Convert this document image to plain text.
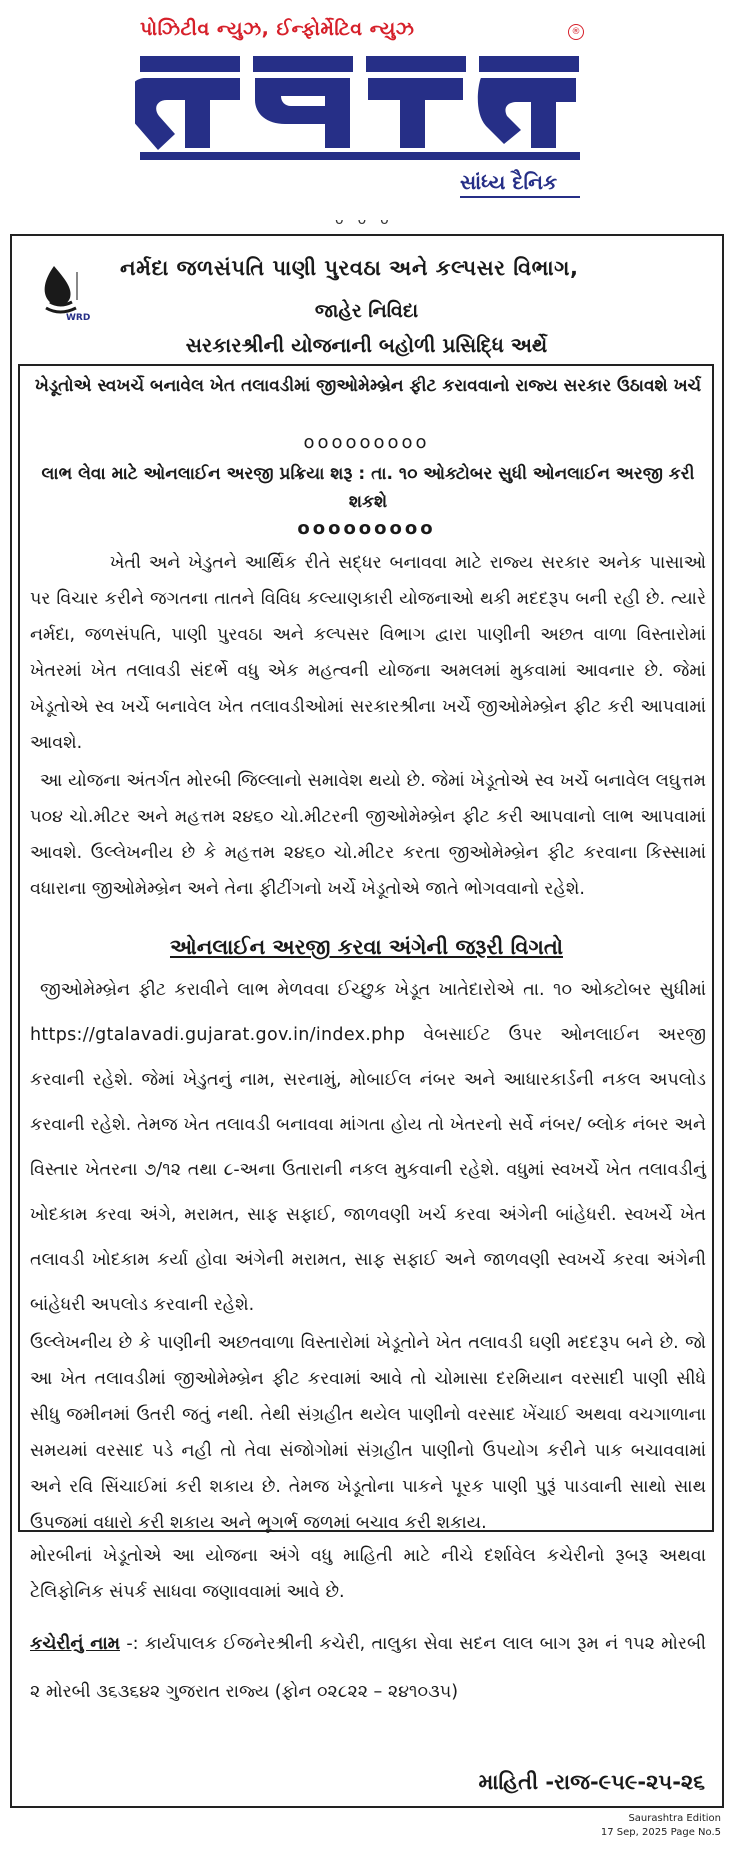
પોઝિટીવ ન્યુઝ, ઈન્ફોર્મેટિવ ન્યુઝ	®
સાંધ્ય દૈનિક
ᴗᴗᴗ
WRD
નર્મદા જળસંપતિ પાણી પુરવઠા અને કલ્પસર વિભાગ,
જાહેર નિવિદા
સરકારશ્રીની યોજનાની બહોળી પ્રસિદ્ધિ અર્થે
ખેડૂતોએ સ્વખર્ચે બનાવેલ ખેત તલાવડીમાં જીઓમેમ્બ્રેન ફીટ કરાવવાનો રાજ્ય સરકાર ઉઠાવશે ખર્ચ
ooooooooo
લાભ લેવા માટે ઓનલાઈન અરજી પ્રક્રિયા શરૂ : તા. ૧૦ ઓક્ટોબર સુધી ઓનલાઈન અરજી કરી શકશે
ooooooooo
ખેતી અને ખેડુતને આર્થિક રીતે સદ્ધર બનાવવા માટે રાજ્ય સરકાર અનેક પાસાઓ પર વિચાર કરીને જગતના તાતને વિવિધ કલ્યાણકારી યોજનાઓ થકી મદદરૂપ બની રહી છે. ત્યારે નર્મદા, જળસંપતિ, પાણી પુરવઠા અને કલ્પસર વિભાગ દ્વારા પાણીની અછત વાળા વિસ્તારોમાં ખેતરમાં ખેત તલાવડી સંદર્ભે વધુ એક મહત્વની યોજના અમલમાં મુકવામાં આવનાર છે. જેમાં ખેડૂતોએ સ્વ ખર્ચે બનાવેલ ખેત તલાવડીઓમાં સરકારશ્રીના ખર્ચે જીઓમેમ્બ્રેન ફીટ કરી આપવામાં આવશે.
આ યોજના અંતર્ગત મોરબી જિલ્લાનો સમાવેશ થયો છે. જેમાં ખેડૂતોએ સ્વ ખર્ચે બનાવેલ લઘુત્તમ ૫૦૪ ચો.મીટર અને મહત્તમ ૨૪૬૦ ચો.મીટરની જીઓમેમ્બ્રેન ફીટ કરી આપવાનો લાભ આપવામાં આવશે. ઉલ્લેખનીય છે કે મહત્તમ ૨૪૬૦ ચો.મીટર કરતા જીઓમેમ્બ્રેન ફીટ કરવાના કિસ્સામાં વધારાના જીઓમેમ્બ્રેન અને તેના ફીટીંગનો ખર્ચે ખેડૂતોએ જાતે ભોગવવાનો રહેશે.
ઓનલાઈન અરજી કરવા અંગેની જરૂરી વિગતો
જીઓમેમ્બ્રેન ફીટ કરાવીને લાભ મેળવવા ઈચ્છુક ખેડૂત ખાતેદારોએ તા. ૧૦ ઓક્ટોબર સુધીમાં https://gtalavadi.gujarat.gov.in/index.php વેબસાઈટ ઉપર ઓનલાઈન અરજી કરવાની રહેશે. જેમાં ખેડુતનું નામ, સરનામું, મોબાઈલ નંબર અને આધારકાર્ડની નકલ અપલોડ કરવાની રહેશે. તેમજ ખેત તલાવડી બનાવવા માંગતા હોય તો ખેતરનો સર્વે નંબર/ બ્લોક નંબર અને વિસ્તાર ખેતરના ૭/૧૨ તથા ૮-અના ઉતારાની નકલ મુકવાની રહેશે. વધુમાં સ્વખર્ચે ખેત તલાવડીનું ખોદકામ કરવા અંગે, મરામત, સાફ સફાઈ, જાળવણી ખર્ચ કરવા અંગેની બાંહેધરી. સ્વખર્ચે ખેત તલાવડી ખોદકામ કર્યા હોવા અંગેની મરામત, સાફ સફાઈ અને જાળવણી સ્વખર્ચે કરવા અંગેની બાંહેધરી અપલોડ કરવાની રહેશે.
ઉલ્લેખનીય છે કે પાણીની અછતવાળા વિસ્તારોમાં ખેડૂતોને ખેત તલાવડી ઘણી મદદરૂપ બને છે. જો આ ખેત તલાવડીમાં જીઓમેમ્બ્રેન ફીટ કરવામાં આવે તો ચોમાસા દરમિયાન વરસાદી પાણી સીધે સીધુ જમીનમાં ઉતરી જતું નથી. તેથી સંગ્રહીત થયેલ પાણીનો વરસાદ ખેંચાઈ અથવા વચગાળાના સમયમાં વરસાદ પડે નહી તો તેવા સંજોગોમાં સંગ્રહીત પાણીનો ઉપયોગ કરીને પાક બચાવવામાં અને રવિ સિંચાઈમાં કરી શકાય છે. તેમજ ખેડૂતોના પાકને પૂરક પાણી પુરૂં પાડવાની સાથો સાથ ઉપજમાં વધારો કરી શકાય અને ભૂગર્ભ જળમાં બચાવ કરી શકાય.
મોરબીનાં ખેડૂતોએ આ યોજના અંગે વધુ માહિતી માટે નીચે દર્શાવેલ કચેરીનો રૂબરૂ અથવા ટેલિફોનિક સંપર્ક સાધવા જણાવવામાં આવે છે.
કચેરીનું નામ -: કાર્યપાલક ઈજનેરશ્રીની કચેરી, તાલુકા સેવા સદન લાલ બાગ રૂમ નં ૧૫૨ મોરબી ૨ મોરબી ૩૬૩૬૪૨ ગુજરાત રાજ્ય (ફોન ૦૨૮૨૨ – ૨૪૧૦૩૫)
માહિતી -રાજ-૯૫૯-૨૫-૨૬
Saurashtra Edition
17 Sep, 2025 Page No.5
